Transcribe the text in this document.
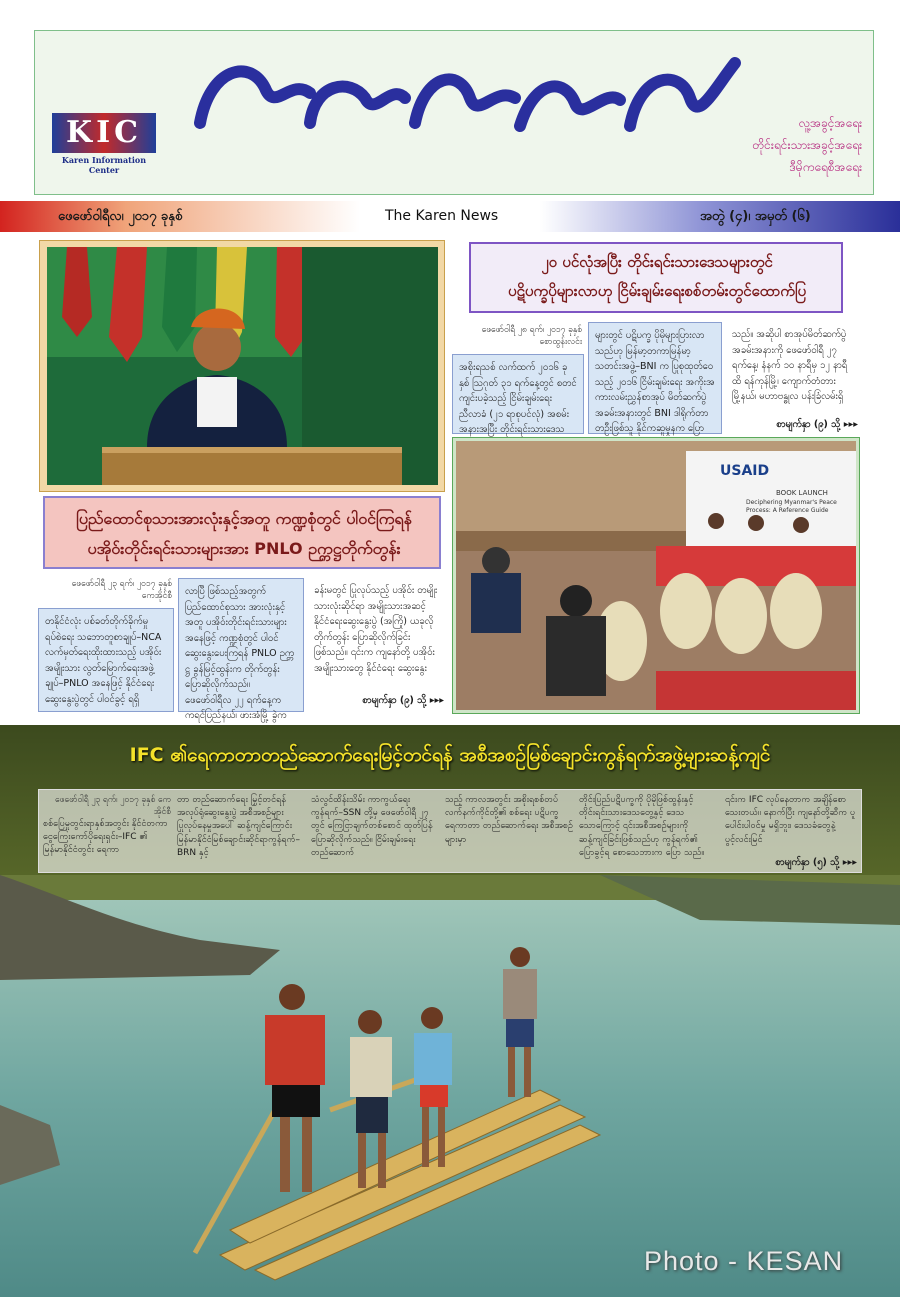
KIC
Karen Information Center
လူ့အခွင့်အရေး
တိုင်းရင်းသားအခွင့်အရေး
ဒီမိုကရေစီအရေး
ဖေဖော်ဝါရီလ၊ ၂၀၁၇ ခုနှစ်	The Karen News	အတွဲ (၄)၊ အမှတ် (၆)
ပြည်ထောင်စုသားအားလုံးနှင့်အတူ ကဏ္ဍစုံတွင် ပါဝင်ကြရန်
ပအိုဝ်းတိုင်းရင်းသားများအား PNLO ဉက္ကဋ္ဌတိုက်တွန်း
ဖေဖော်ဝါရီ ၂၃ ရက်၊ ၂၀၁၇ ခုနှစ် ကေအိုင်စီ
တနိုင်ငံလုံး ပစ်ခတ်တိုက်ခိုက်မှု ရပ်စဲရေး သဘောတူစာချုပ်–NCA လက်မှတ်ရေးထိုးထားသည့် ပအိုဝ်းအမျိုးသား လွတ်မြောက်ရေးအဖွဲ့ချုပ်–PNLO အနေဖြင့် နိုင်ငံရေး ဆွေးနွေးပွဲတွင် ပါဝင်ခွင့် ရရှိ
လာပြီ ဖြစ်သည့်အတွက် ပြည်ထောင်စုသား အားလုံးနှင့်အတူ ပအိုဝ်းတိုင်းရင်းသားများ အနေဖြင့် ကဏ္ဍစုံတွင် ပါဝင်ဆွေးနွေးပေးကြရန် PNLO ဉက္ကဋ္ဌ ခွန်မြင့်ထွန်းက တိုက်တွန်း ပြောဆိုလိုက်သည်။ ဖေဖော်ဝါရီလ ၂၂ ရက်နေ့က ကရင်ပြည်နယ်၊ ဖားအံမြို့ ခွဲက
ခန်းမတွင် ပြုလုပ်သည့် ပအိုဝ်း တမျိုးသားလုံးဆိုင်ရာ အမျိုးသားအဆင့် နိုင်ငံရေးဆွေးနွေးပွဲ (အကြို) ယခုလို တိုက်တွန်း ပြောဆိုလိုက်ခြင်း ဖြစ်သည်။ ၎င်းက ကျနော်တို့ ပအိုဝ်းအမျိုးသားတွေ နိုင်ငံရေး ဆွေးနွေး
စာမျက်နှာ (၉) သို့ ▸▸▸
၂၀ ပင်လုံအပြီး တိုင်းရင်းသားဒေသများတွင်
ပဋိပက္ခပိုများလာဟု ငြိမ်းချမ်းရေးစစ်တမ်းတွင်ထောက်ပြ
ဖေဖော်ဝါရီ ၂၈ ရက်၊ ၂၀၁၇ ခုနှစ် စောထွန်းလင်း
အစိုးရသစ် လက်ထက် ၂၀၁၆ ခုနှစ် သြဂုတ် ၃၁ ရက်နေ့တွင် စတင်ကျင်းပခဲ့သည့် ငြိမ်းချမ်းရေးညီလာခံ (၂၁ ရာစုပင်လုံ) အစမ်းအနားအပြီး တိုင်းရင်းသားဒေသ
များတွင် ပဋိပက္ခ ပိုမိုများပြားလာသည်ဟု မြန်မာ့တကာမြန်မာ့သတင်းအဖွဲ့–BNI က ပြုစုထုတ်ဝေသည့် ၂၀၁၆ ငြိမ်းချမ်းရေး အကိုးအကားလမ်းညွှန်စာအုပ် မိတ်ဆက်ပွဲ အခမ်းအနားတွင် BNI ဒါရိုက်တာ တဦးဖြစ်သူ နိုင်ကဆူမှုနက ပြော
သည်။ အဆိုပါ စာအုပ်မိတ်ဆက်ပွဲ အခမ်းအနားကို ဖေဖော်ဝါရီ ၂၇ ရက်နေ့၊ နံနက် ၁၀ နာရီမှ ၁၂ နာရီထိ ရန်ကုန်မြို့၊ ကျောက်တံတားမြို့နယ်၊ မဟာဗန္ဓုလ ပန်းခြံလမ်းရှိ
စာမျက်နှာ (၉) သို့ ▸▸▸
USAID
BOOK LAUNCH
Deciphering Myanmar's Peace Process: A Reference Guide
IFC ၏ရေကာတာတည်ဆောက်ရေးမြင့်တင်ရန် အစီအစဉ်မြစ်ချောင်းကွန်ရက်အဖွဲ့များဆန့်ကျင်
ဖေဖော်ဝါရီ ၂၃ ရက်၊ ၂၀၁၇ ခုနှစ် ကေအိုင်စီ
စစ်ပြေမှုတွင်းရာနှစ်အတွင်း နိုင်ငံတကာ ငွေကြေးကော်ပိုရေးရှင်း–IFC ၏ မြန်မာနိုင်ငံတွင်း ရေကာ
တာ တည်ဆောက်ရေး မြှင့်တင်ရန် အလုပ်ရုံဆွေးနွေးပွဲ အစီအစဉ်များ ပြုလုပ်နေမှုအပေါ် ဆန့်ကျင်ကြောင်း မြန်မာနိုင်ငံမြစ်ချောင်းဆိုင်ရာကွန်ရက်–BRN နှင့်
သံလွင်ထိန်းသိမ်း ကာကွယ်ရေးကွန်ရက်–SSN တို့မှ ဖေဖော်ဝါရီ ၂၇ တွင် ကြေငြာချက်တစ်စောင် ထုတ်ပြန် ပြောဆိုလိုက်သည်။ ငြိမ်းချမ်းရေး တည်ဆောက်
သည့် ကာလအတွင်း အစိုးရစစ်တပ် လက်နက်ကိုင်တို့၏ စစ်ရေး ပဋိပက္ခ ရေကာတာ တည်ဆောက်ရေး အစီအစဉ်များမှာ
တိုင်းပြည်ပဋိပက္ခကို ပိုမိုဖြစ်ထွန်းနှင့် တိုင်းရင်းသားဒေသတွေ့နှင့် ဒေသသောကြောင့် ၎င်းအစီအစဉ်များကို ဆန့်ကျင်ခြင်းဖြစ်သည်ဟု ကွန်ရက်၏ ပြောခွင့်ရ စောသေဘားက ပြော သည်။
၎င်းက IFC လုပ်နေတာက အချိန်စောသေးတယ်။ နောက်ပြီး ကျနော်တို့ဆီက ပူပေါင်းပါဝင်မှု မရှိဘူး၊ ဒေသခံတွေနဲ့ ပွင့်လင်းမြင်
စာမျက်နှာ (၅) သို့ ▸▸▸
Photo - KESAN
